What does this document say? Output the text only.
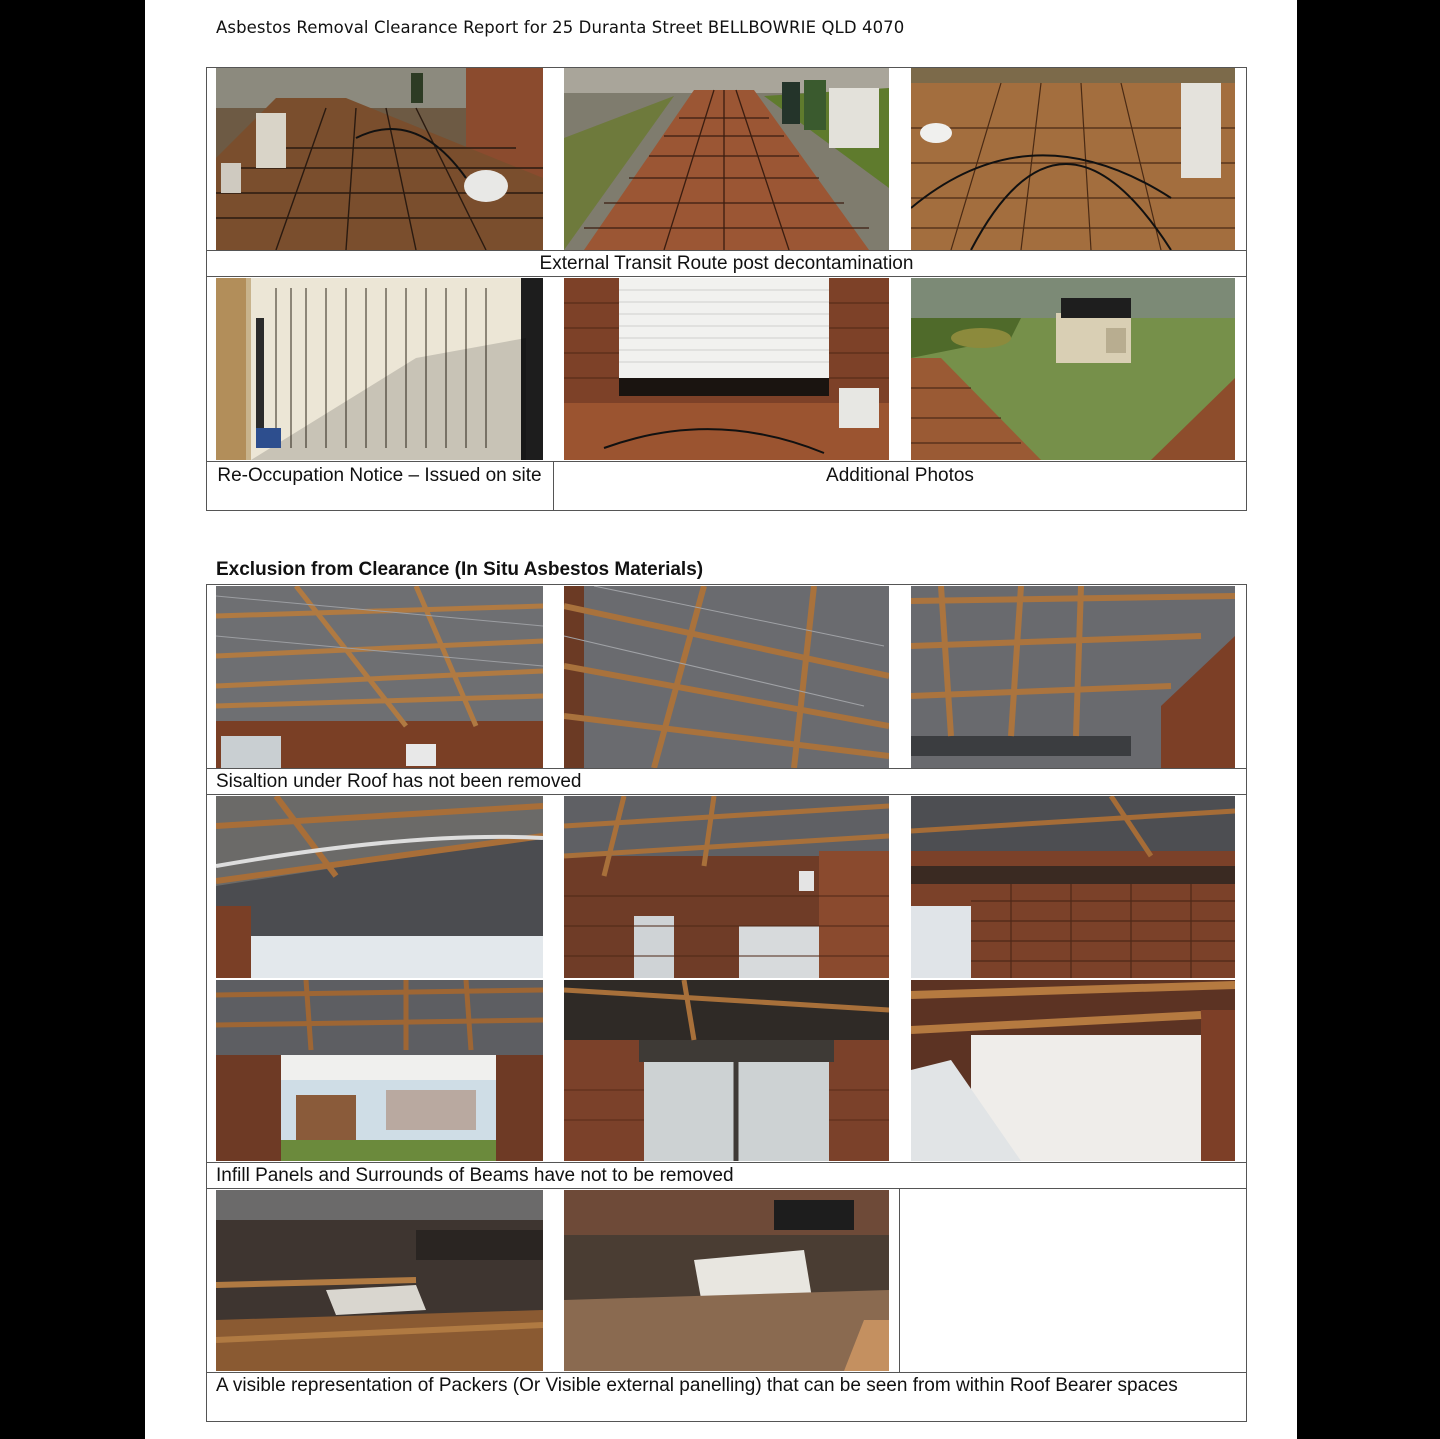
Asbestos Removal Clearance Report for 25 Duranta Street BELLBOWRIE QLD 4070
External Transit Route post decontamination
Re-Occupation Notice – Issued on site	Additional Photos
Exclusion from Clearance (In Situ Asbestos Materials)
Sisaltion under Roof has not been removed
Infill Panels and Surrounds of Beams have not to be removed
A visible representation of Packers (Or Visible external panelling) that can be seen from within Roof Bearer spaces
